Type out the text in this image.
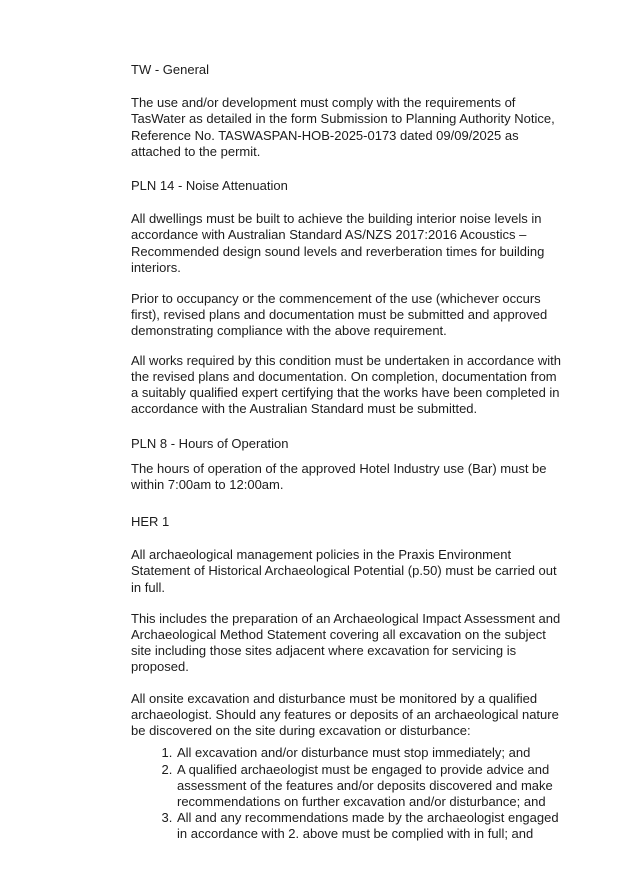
TW - General

The use and/or development must comply with the requirements of TasWater as detailed in the form Submission to Planning Authority Notice, Reference No. TASWASPAN-HOB-2025-0173 dated 09/09/2025 as attached to the permit.

PLN 14 - Noise Attenuation

All dwellings must be built to achieve the building interior noise levels in accordance with Australian Standard AS/NZS 2017:2016 Acoustics – Recommended design sound levels and reverberation times for building interiors.

Prior to occupancy or the commencement of the use (whichever occurs first), revised plans and documentation must be submitted and approved demonstrating compliance with the above requirement.

All works required by this condition must be undertaken in accordance with the revised plans and documentation. On completion, documentation from a suitably qualified expert certifying that the works have been completed in accordance with the Australian Standard must be submitted.

PLN 8 - Hours of Operation

The hours of operation of the approved Hotel Industry use (Bar) must be within 7:00am to 12:00am.

HER 1

All archaeological management policies in the Praxis Environment Statement of Historical Archaeological Potential (p.50) must be carried out in full.

This includes the preparation of an Archaeological Impact Assessment and Archaeological Method Statement covering all excavation on the subject site including those sites adjacent where excavation for servicing is proposed.

All onsite excavation and disturbance must be monitored by a qualified archaeologist. Should any features or deposits of an archaeological nature be discovered on the site during excavation or disturbance:

1. All excavation and/or disturbance must stop immediately; and
2. A qualified archaeologist must be engaged to provide advice and assessment of the features and/or deposits discovered and make recommendations on further excavation and/or disturbance; and
3. All and any recommendations made by the archaeologist engaged in accordance with 2. above must be complied with in full; and
